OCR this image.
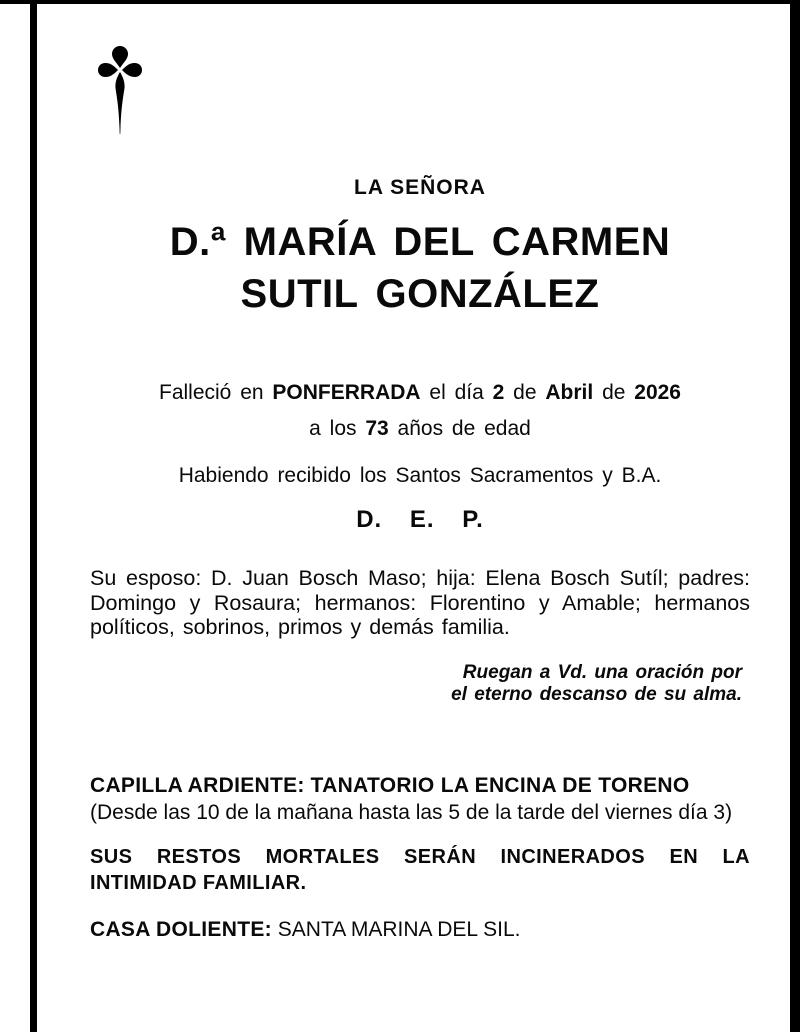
LA SEÑORA
D.ª MARÍA DEL CARMEN
SUTIL GONZÁLEZ
Falleció en PONFERRADA el día 2 de Abril de 2026
a los 73 años de edad
Habiendo recibido los Santos Sacramentos y B.A.
D. E. P.
Su esposo: D. Juan Bosch Maso; hija: Elena Bosch Sutíl; padres: Domingo y Rosaura; hermanos: Florentino y Amable; hermanos políticos, sobrinos, primos y demás familia.
Ruegan a Vd. una oración por
el eterno descanso de su alma.
CAPILLA ARDIENTE: TANATORIO LA ENCINA DE TORENO
(Desde las 10 de la mañana hasta las 5 de la tarde del viernes día 3)
SUS RESTOS MORTALES SERÁN INCINERADOS EN LA INTIMIDAD FAMILIAR.
CASA DOLIENTE: SANTA MARINA DEL SIL.
